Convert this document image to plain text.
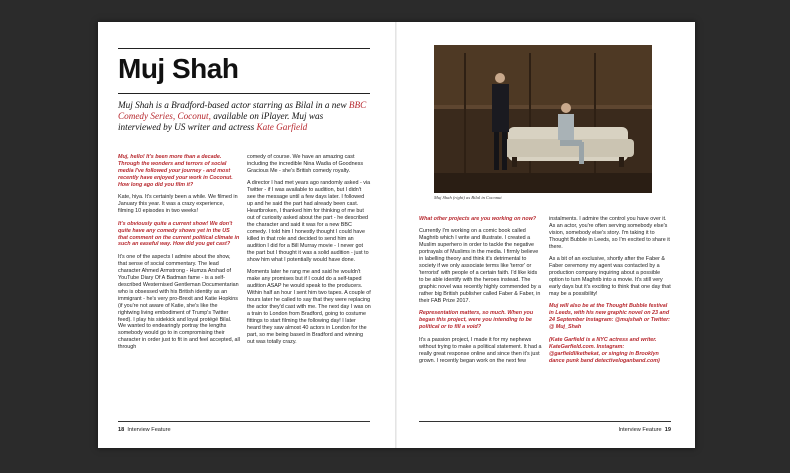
Muj Shah

Muj Shah is a Bradford-based actor starring as Bilal in a new BBC Comedy Series, Coconut, available on iPlayer. Muj was interviewed by US writer and actress Kate Garfield

Muj, hello! It's been more than a decade. Through the wonders and terrors of social media I've followed your journey - and most recently have enjoyed your work in Coconut. How long ago did you film it?

Kate, hiya. It's certainly been a while. We filmed in January this year. It was a crazy experience, filming 10 episodes in two weeks!

It's obviously quite a current show! We don't quite have any comedy shows yet in the US that comment on the current political climate in such an easeful way. How did you get cast?

It's one of the aspects I admire about the show, that sense of social commentary. The lead character Ahmed Armstrong - Humza Arshad of YouTube Diary Of A Badman fame - is a self-described Westernised Gentleman Documentarian who is obsessed with his British identity as an immigrant - he's very pro-Brexit and Katie Hopkins (if you're not aware of Katie, she's like the rightwing living embodiment of Trump's Twitter feed). I play his sidekick and loyal protégé Bilal. We wanted to endearingly portray the lengths somebody would go to in compromising their character in order just to fit in and feel accepted, all through

comedy of course. We have an amazing cast including the incredible Nina Wadia of Goodness Gracious Me - she's British comedy royalty.

A director I had met years ago randomly asked - via Twitter - if I was available to audition, but I didn't see the message until a few days later. I followed up and he said the part had already been cast. Heartbroken, I thanked him for thinking of me but out of curiosity asked about the part - he described the character and said it was for a new BBC comedy. I told him I honestly thought I could have killed in that role and decided to send him an audition I did for a Bill Murray movie - I never got the part but I thought it was a solid audition - just to show him what I potentially would have done.

Moments later he rang me and said he wouldn't make any promises but if I could do a self-taped audition ASAP he would speak to the producers. Within half an hour I sent him two tapes. A couple of hours later he called to say that they were replacing the actor they'd cast with me. The next day I was on a train to London from Bradford, going to costume fittings to start filming the following day! I later heard they saw almost 40 actors in London for the part, so me being based in Bradford and winning out was totally crazy.

18 Interview Feature
Muj Shah (right) as Bilal in Coconut

What other projects are you working on now?

Currently I'm working on a comic book called Maghrib which I write and illustrate. I created a Muslim superhero in order to tackle the negative portrayals of Muslims in the media. I firmly believe in labelling theory and think it's detrimental to society if we only associate terms like 'terror' or 'terrorist' with people of a certain faith. I'd like kids to be able identify with the heroes instead. The graphic novel was recently highly commended by a rather big British publisher called Faber & Faber, in their FAB Prize 2017.

Representation matters, so much. When you began this project, were you intending to be political or to fill a void?

It's a passion project, I made it for my nephews without trying to make a political statement. It had a really great response online and since then it's just grown. I recently began work on the next few

instalments. I admire the control you have over it. As an actor, you're often serving somebody else's vision, somebody else's story. I'm taking it to Thought Bubble in Leeds, so I'm excited to share it there.

As a bit of an exclusive, shortly after the Faber & Faber ceremony my agent was contacted by a production company inquiring about a possible option to turn Maghrib into a movie. It's still very early days but it's exciting to think that one day that may be a possibility!

Muj will also be at the Thought Bubble festival in Leeds, with his new graphic novel on 23 and 24 September Instagram: @mujshah or Twitter: @ Muj_Shah

(Kate Garfield is a NYC actress and writer. KateGarfield.com. Instagram: @garfieldlikethekat, or singing in Brooklyn dance punk band detectiveloganband.com)

Interview Feature 19
